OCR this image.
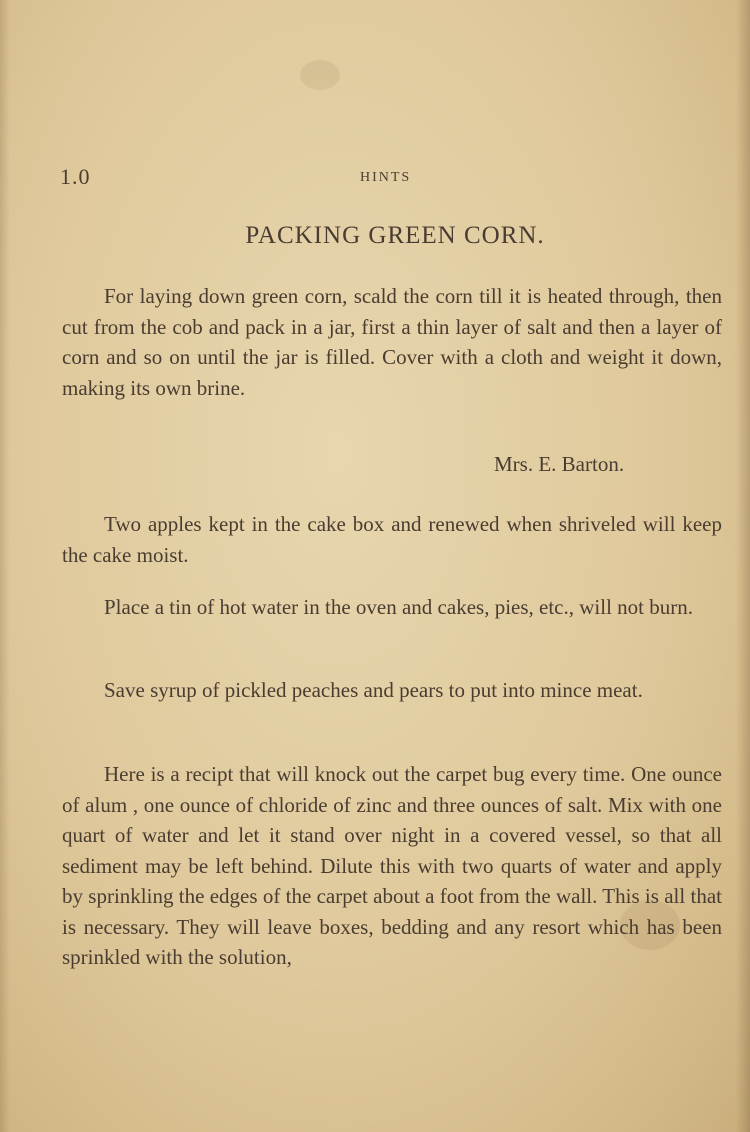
1.0	HINTS
PACKING GREEN CORN.

For laying down green corn, scald the corn till it is heated through, then cut from the cob and pack in a jar, first a thin layer of salt and then a layer of corn and so on until the jar is filled. Cover with a cloth and weight it down, making its own brine.

Mrs. E. Barton.

Two apples kept in the cake box and renewed when shriveled will keep the cake moist.

Place a tin of hot water in the oven and cakes, pies, etc., will not burn.

Save syrup of pickled peaches and pears to put into mince meat.

Here is a recipt that will knock out the carpet bug every time. One ounce of alum , one ounce of chloride of zinc and three ounces of salt. Mix with one quart of water and let it stand over night in a covered vessel, so that all sediment may be left behind. Dilute this with two quarts of water and apply by sprinkling the edges of the carpet about a foot from the wall. This is all that is necessary. They will leave boxes, bedding and any resort which has been sprinkled with the solution,
